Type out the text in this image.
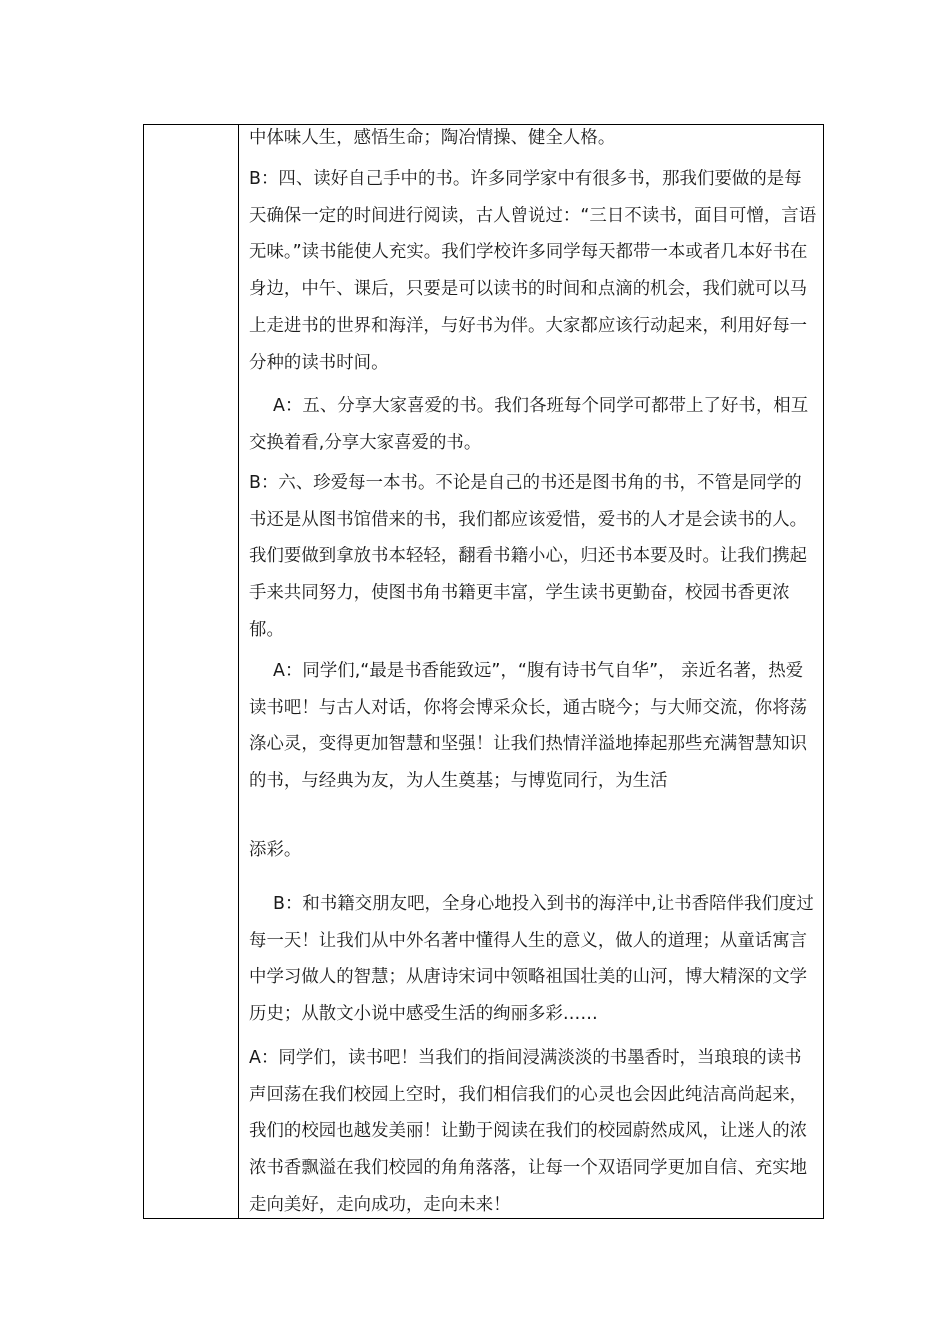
中体味人生，感悟生命；陶冶情操、健全人格。

B：四、读好自己手中的书。许多同学家中有很多书，那我们要做的是每天确保一定的时间进行阅读，古人曾说过：“三日不读书，面目可憎，言语无味。”读书能使人充实。我们学校许多同学每天都带一本或者几本好书在身边，中午、课后，只要是可以读书的时间和点滴的机会，我们就可以马上走进书的世界和海洋，与好书为伴。大家都应该行动起来，利用好每一分种的读书时间。

A：五、分享大家喜爱的书。我们各班每个同学可都带上了好书，相互交换着看,分享大家喜爱的书。

B：六、珍爱每一本书。不论是自己的书还是图书角的书，不管是同学的书还是从图书馆借来的书，我们都应该爱惜，爱书的人才是会读书的人。我们要做到拿放书本轻轻，翻看书籍小心，归还书本要及时。让我们携起手来共同努力，使图书角书籍更丰富，学生读书更勤奋，校园书香更浓郁。

A：同学们,“最是书香能致远”，“腹有诗书气自华”， 亲近名著，热爱读书吧！与古人对话，你将会博采众长，通古晓今；与大师交流，你将荡涤心灵，变得更加智慧和坚强！让我们热情洋溢地捧起那些充满智慧知识的书，与经典为友，为人生奠基；与博览同行，为生活

添彩。

B：和书籍交朋友吧，全身心地投入到书的海洋中,让书香陪伴我们度过每一天！让我们从中外名著中懂得人生的意义，做人的道理；从童话寓言中学习做人的智慧；从唐诗宋词中领略祖国壮美的山河，博大精深的文学历史；从散文小说中感受生活的绚丽多彩……

A：同学们，读书吧！当我们的指间浸满淡淡的书墨香时，当琅琅的读书声回荡在我们校园上空时，我们相信我们的心灵也会因此纯洁高尚起来，我们的校园也越发美丽！让勤于阅读在我们的校园蔚然成风，让迷人的浓浓书香飘溢在我们校园的角角落落，让每一个双语同学更加自信、充实地走向美好，走向成功，走向未来！
